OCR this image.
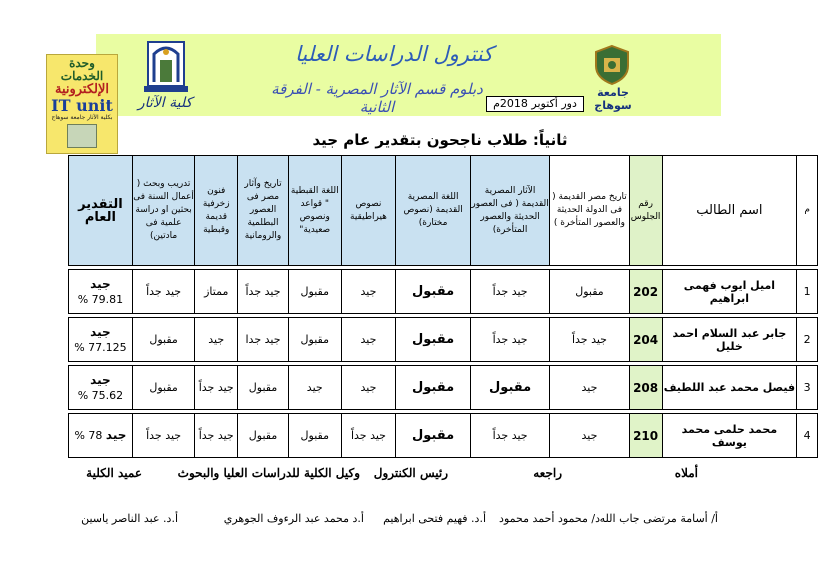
وحدة الخدمات
الإلكترونية
IT unit
بكلية الآثار جامعة سوهاج
كلية الآثار
جامعة سوهاج
كنترول الدراسات العليا
دبلوم قسم الآثار المصرية - الفرقة الثانية	دور أكتوبر 2018م
ثانياً: طلاب ناجحون بتقدير عام جيد
م	اسم الطالب	رقم الجلوس	تاريخ مصر القديمة ( فى الدولة الحديثة والعصور المتأخرة )	الآثار المصرية القديمة ( فى العصور الحديثة والعصور المتأخرة)	اللغة المصرية القديمة (نصوص مختارة)	نصوص هيراطيقية	اللغة القبطية " قواعد ونصوص صعيدية"	تاريخ وآثار مصر فى العصور البطلمية والرومانية	فنون زخرفية قديمة وقبطية	تدريب وبحث ( أعمال السنة فى بحثين او دراسة علمية فى مادتين)	التقدير العام

1	اميل ايوب فهمى ابراهيم	202	مقبول	جيد جداً	مقبول	جيد	مقبول	جيد جداً	ممتاز	جيد جداً	جيد
79.81 %

2	جابر عبد السلام احمد خليل	204	جيد جداً	جيد جداً	مقبول	جيد	مقبول	جيد جدا	جيد	مقبول	جيد
77.125 %

3	فيصل محمد عبد اللطيف	208	جيد	مقبول	مقبول	جيد	جيد	مقبول	جيد جداً	مقبول	جيد
75.62 %

4	محمد حلمى محمد يوسف	210	جيد	جيد جداً	مقبول	جيد جداً	مقبول	مقبول	جيد جداً	جيد جداً	جيد 78 %
أملاه
راجعه
رئيس الكنترول
وكيل الكلية للدراسات العليا والبحوث
عميد الكلية
أ/ أسامة مرتضى جاب الله
د/ محمود أحمد محمود
أ.د. فهيم فتحى ابراهيم
أ.د محمد عبد الرءوف الجوهري
أ.د. عبد الناصر ياسين
